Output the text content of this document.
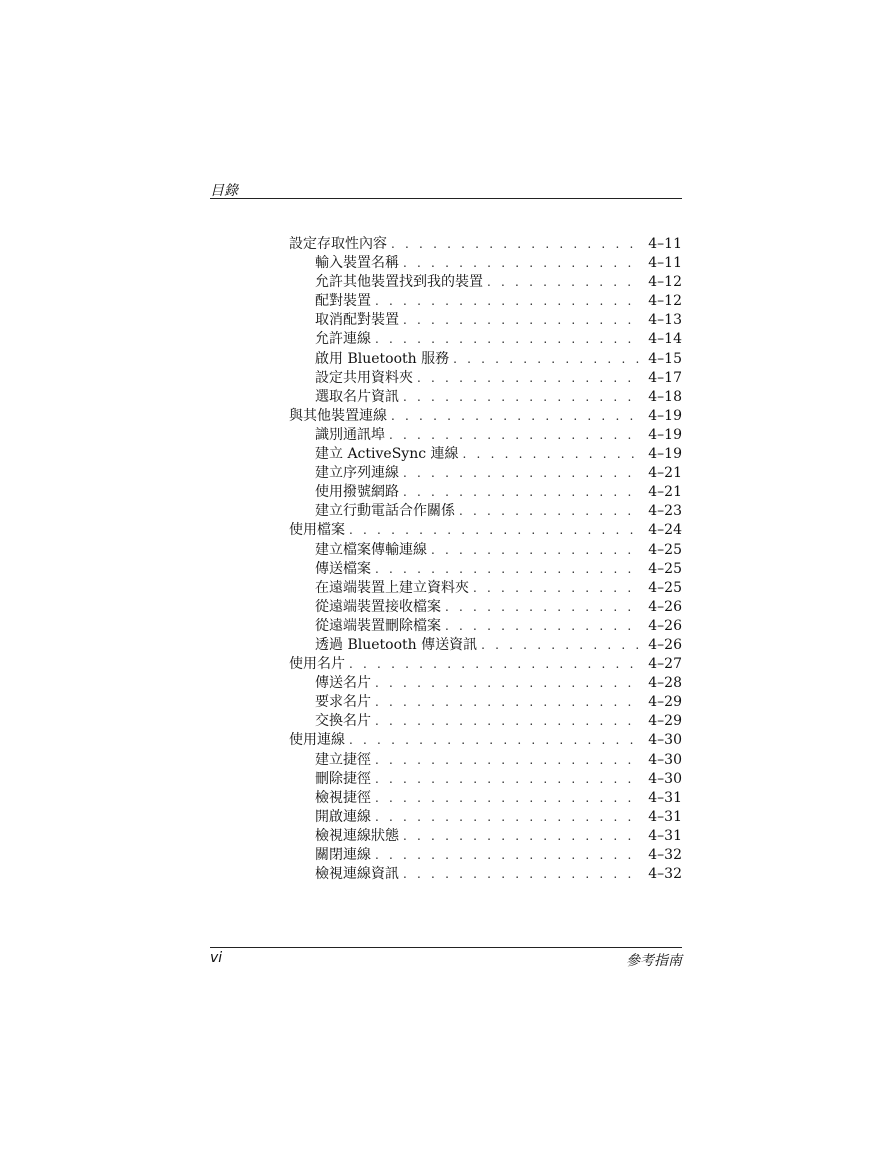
目錄
設定存取性內容 . . .	4–11
輸入裝置名稱 . . .	4–11
允許其他裝置找到我的裝置 . . .	4–12
配對裝置 . . .	4–12
取消配對裝置 . . .	4–13
允許連線 . . .	4–14
啟用 Bluetooth 服務 . . .	4–15
設定共用資料夾 . . .	4–17
選取名片資訊 . . .	4–18
與其他裝置連線 . . .	4–19
識別通訊埠 . . .	4–19
建立 ActiveSync 連線 . . .	4–19
建立序列連線 . . .	4–21
使用撥號網路 . . .	4–21
建立行動電話合作關係 . . .	4–23
使用檔案 . . .	4–24
建立檔案傳輸連線 . . .	4–25
傳送檔案 . . .	4–25
在遠端裝置上建立資料夾 . . .	4–25
從遠端裝置接收檔案 . . .	4–26
從遠端裝置刪除檔案 . . .	4–26
透過 Bluetooth 傳送資訊 . . .	4–26
使用名片 . . .	4–27
傳送名片 . . .	4–28
要求名片 . . .	4–29
交換名片 . . .	4–29
使用連線 . . .	4–30
建立捷徑 . . .	4–30
刪除捷徑 . . .	4–30
檢視捷徑 . . .	4–31
開啟連線 . . .	4–31
檢視連線狀態 . . .	4–31
關閉連線 . . .	4–32
檢視連線資訊 . . .	4–32
vi	參考指南
